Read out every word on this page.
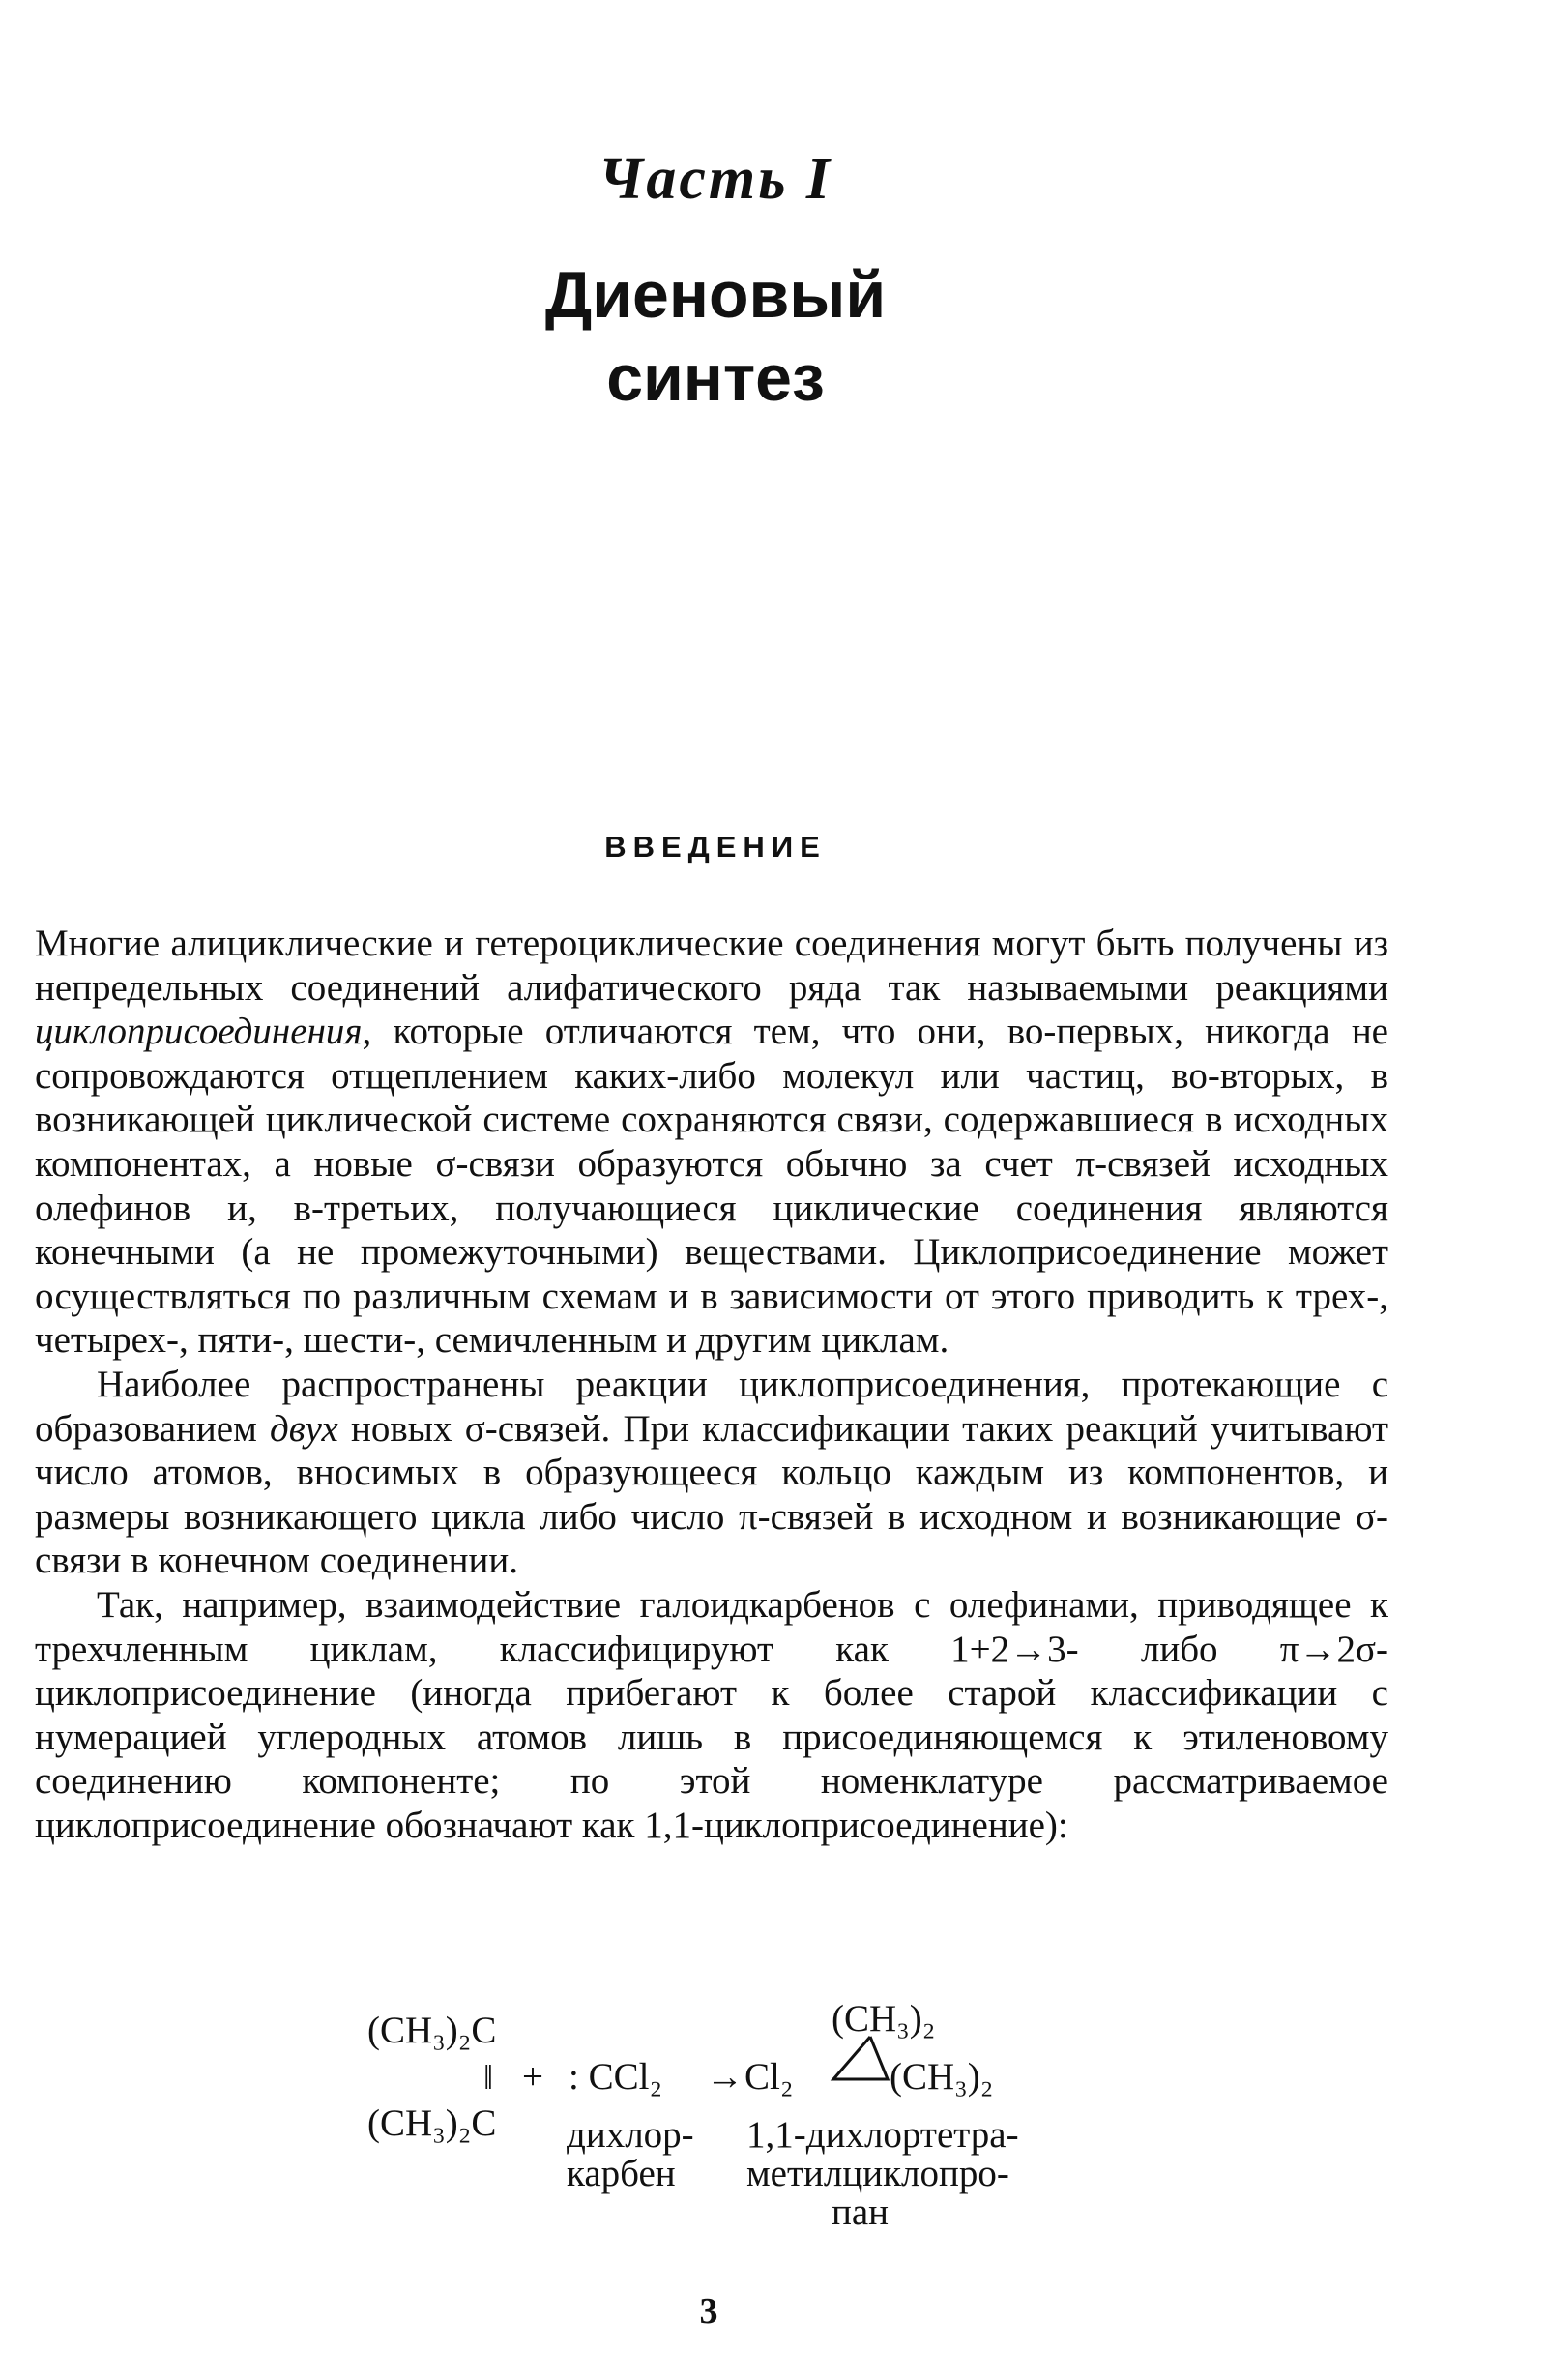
Часть I
Диеновый
синтез
ВВЕДЕНИЕ

Многие алициклические и гетероциклические соединения могут быть получены из непредельных соединений алифатического ряда так называемыми реакциями циклоприсоединения, которые отличаются тем, что они, во-первых, никогда не сопровождаются отщеплением каких-либо молекул или частиц, во-вторых, в возникающей циклической системе сохраняются связи, содержавшиеся в исходных компонентах, а новые σ-связи образуются обычно за счет π-связей исходных олефинов и, в-третьих, получающиеся циклические соединения являются конечными (а не промежуточными) веществами. Циклоприсоединение может осуществляться по различным схемам и в зависимости от этого приводить к трех-, четырех-, пяти-, шести-, семичленным и другим циклам.

Наиболее распространены реакции циклоприсоединения, протекающие с образованием двух новых σ-связей. При классификации таких реакций учитывают число атомов, вносимых в образующееся кольцо каждым из компонентов, и размеры возникающего цикла либо число π-связей в исходном и возникающие σ-связи в конечном соединении.

Так, например, взаимодействие галоидкарбенов с олефинами, приводящее к трехчленным циклам, классифицируют как 1+2→3- либо π→2σ-циклоприсоединение (иногда прибегают к более старой классификации с нумерацией углеродных атомов лишь в присоединяющемся к этиленовому соединению компоненте; по этой номенклатуре рассматриваемое циклоприсоединение обозначают как 1,1-циклоприсоединение):

(CH₃)₂C
‖
(CH₃)₂C
+ : CCl₂ → Cl₂
(CH₃)₂
(CH₃)₂
дихлор-
карбен
1,1-дихлортетра-
метилциклопро-
пан
3
